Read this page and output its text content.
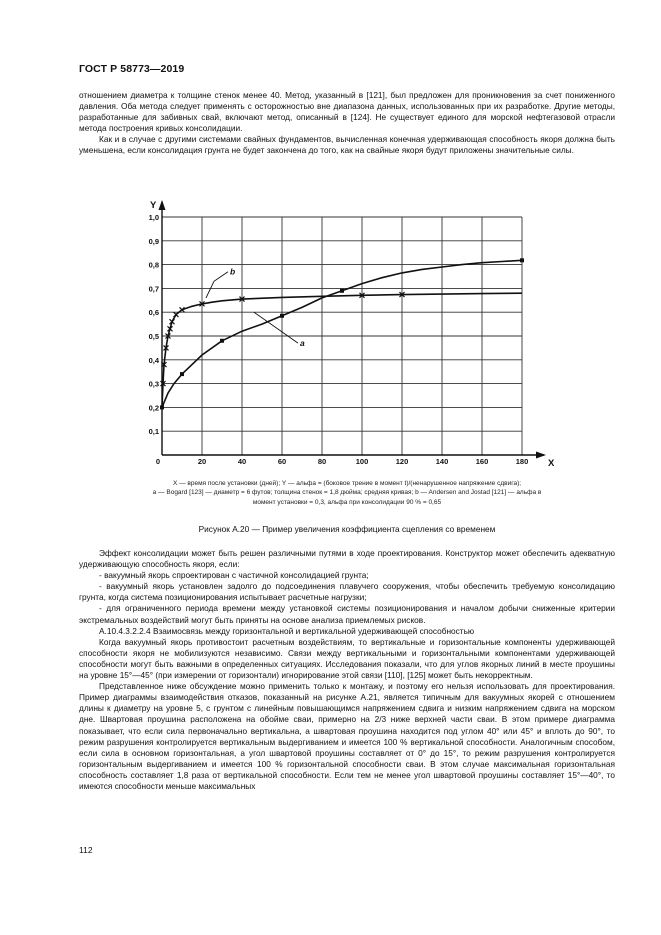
ГОСТ Р 58773—2019

отношением диаметра к толщине стенок менее 40. Метод, указанный в [121], был предложен для проникновения за счет пониженного давления. Оба метода следует применять с осторожностью вне диапазона данных, использованных при их разработке. Другие методы, разработанные для забивных свай, включают метод, описанный в [124]. Не существует единого для морской нефтегазовой отрасли метода построения кривых консолидации.

Как и в случае с другими системами свайных фундаментов, вычисленная конечная удерживающая способность якоря должна быть уменьшена, если консолидация грунта не будет закончена до того, как на свайные якоря будут приложены значительные силы.

0	20	40	60	80	100	120	140	160	180
0,1
0,2
0,3
0,4
0,5
0,6
0,7
0,8
0,9
1,0
X
Y
a
b
X — время после установки (дней); Y — альфа = (боковое трение в момент t)/(ненарушенное напряжение сдвига);
a — Bogard [123] — диаметр = 6 футов; толщина стенок = 1,8 дюйма; средняя кривая; b — Andersen and Jostad [121] — альфа в
момент установки = 0,3, альфа при консолидации 90 % = 0,65
Рисунок А.20 — Пример увеличения коэффициента сцепления со временем

Эффект консолидации может быть решен различными путями в ходе проектирования. Конструктор может обеспечить адекватную удерживающую способность якоря, если:

- вакуумный якорь спроектирован с частичной консолидацией грунта;

- вакуумный якорь установлен задолго до подсоединения плавучего сооружения, чтобы обеспечить требуемую консолидацию грунта, когда система позиционирования испытывает расчетные нагрузки;

- для ограниченного периода времени между установкой системы позиционирования и началом добычи сниженные критерии экстремальных воздействий могут быть приняты на основе анализа приемлемых рисков.

А.10.4.3.2.2.4 Взаимосвязь между горизонтальной и вертикальной удерживающей способностью

Когда вакуумный якорь противостоит расчетным воздействиям, то вертикальные и горизонтальные компоненты удерживающей способности якоря не мобилизуются независимо. Связи между вертикальными и горизонтальными компонентами удерживающей способности могут быть важными в определенных ситуациях. Исследования показали, что для углов якорных линий в месте проушины на уровне 15°—45° (при измерении от горизонтали) игнорирование этой связи [110], [125] может быть некорректным.

Представленное ниже обсуждение можно применить только к монтажу, и поэтому его нельзя использовать для проектирования. Пример диаграммы взаимодействия отказов, показанный на рисунке А.21, является типичным для вакуумных якорей с отношением длины к диаметру на уровне 5, с грунтом с линейным повышающимся напряжением сдвига и низким напряжением сдвига на морском дне. Швартовая проушина расположена на обойме сваи, примерно на 2/3 ниже верхней части сваи. В этом примере диаграмма показывает, что если сила первоначально вертикальна, а швартовая проушина находится под углом 40° или 45° и вплоть до 90°, то режим разрушения контролируется вертикальным выдергиванием и имеется 100 % вертикальной способности. Аналогичным способом, если сила в основном горизонтальная, а угол швартовой проушины составляет от 0° до 15°, то режим разрушения контролируется горизонтальным выдергиванием и имеется 100 % горизонтальной способности сваи. В этом случае максимальная горизонтальная способность составляет 1,8 раза от вертикальной способности. Если тем не менее угол швартовой проушины составляет 15°—40°, то имеются способности меньше максимальных

112
